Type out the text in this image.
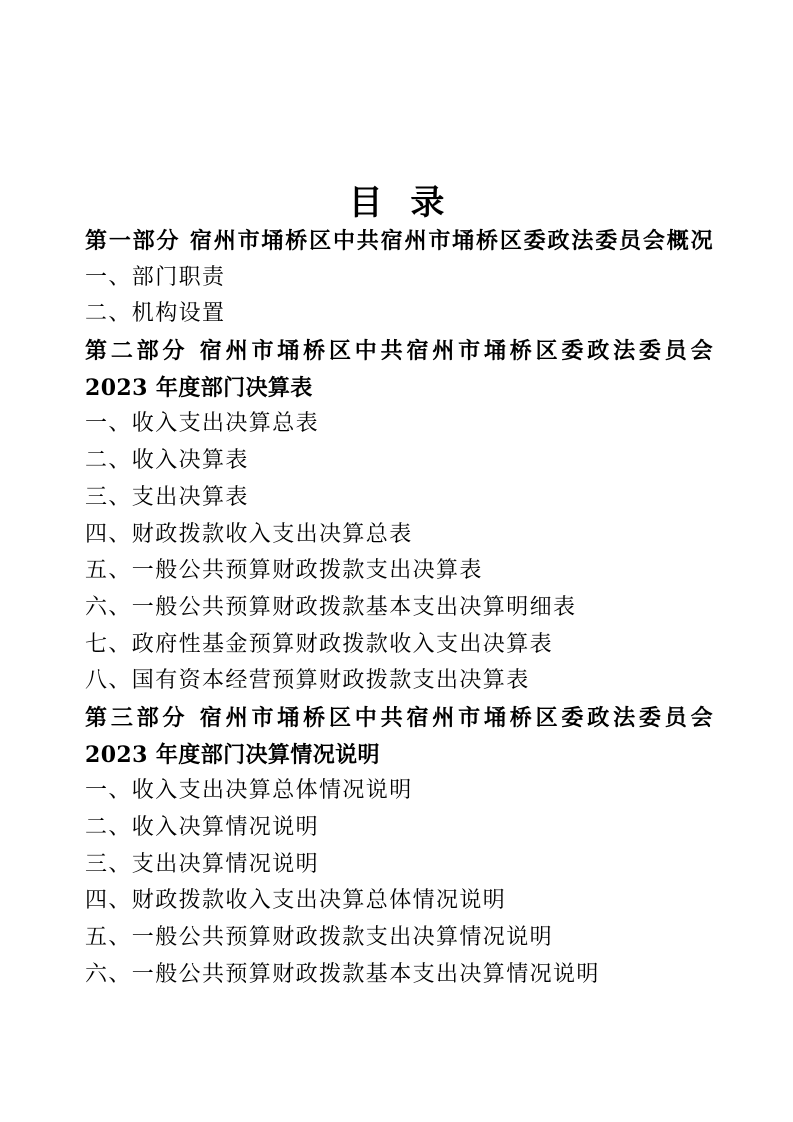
目 录
第一部分 宿州市埇桥区中共宿州市埇桥区委政法委员会概况
一、部门职责
二、机构设置
第二部分 宿州市埇桥区中共宿州市埇桥区委政法委员会
2023 年度部门决算表
一、收入支出决算总表
二、收入决算表
三、支出决算表
四、财政拨款收入支出决算总表
五、一般公共预算财政拨款支出决算表
六、一般公共预算财政拨款基本支出决算明细表
七、政府性基金预算财政拨款收入支出决算表
八、国有资本经营预算财政拨款支出决算表
第三部分 宿州市埇桥区中共宿州市埇桥区委政法委员会
2023 年度部门决算情况说明
一、收入支出决算总体情况说明
二、收入决算情况说明
三、支出决算情况说明
四、财政拨款收入支出决算总体情况说明
五、一般公共预算财政拨款支出决算情况说明
六、一般公共预算财政拨款基本支出决算情况说明
